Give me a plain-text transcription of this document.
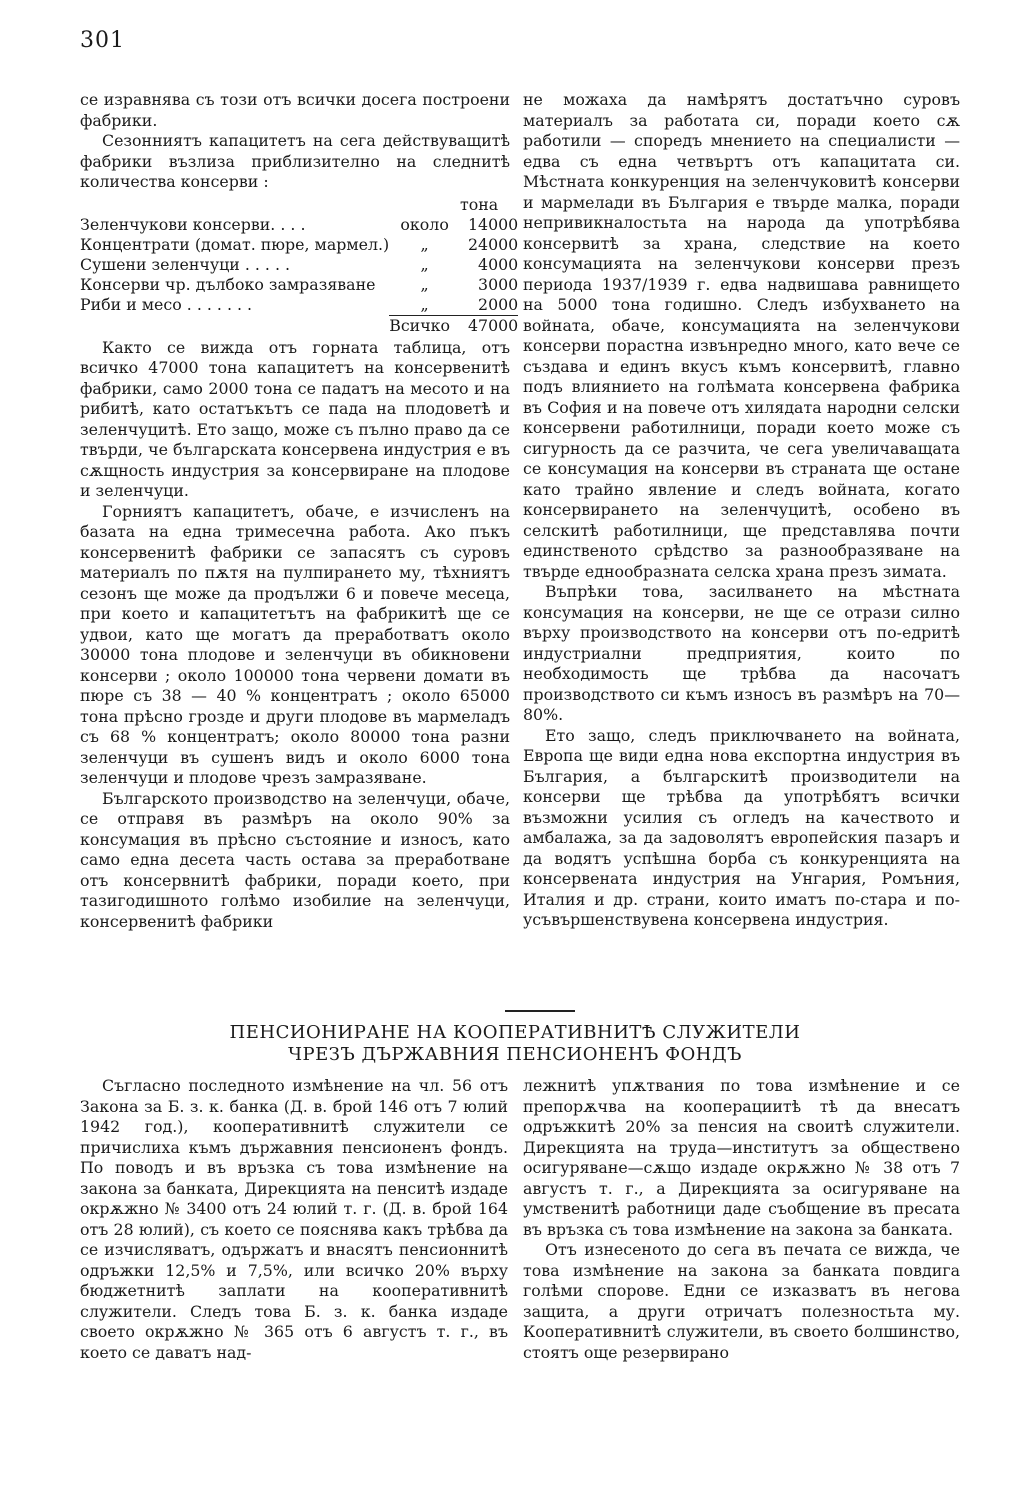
301

се изравнява съ този отъ всички досега построени фабрики.

Сезонниятъ капацитетъ на сега действуващитѣ фабрики възлиза приблизително на следнитѣ количества консерви :

		тона
Зеленчукови консерви. . . .	около	14000
Концентрати (домат. пюре, мармел.)	„	24000
Сушени зеленчуци . . . . .	„	4000
Консерви чр. дълбоко замразяване	„	3000
Риби и месо . . . . . . .	„	2000
	Всичко	47000

Както се вижда отъ горната таблица, отъ всичко 47000 тона капацитетъ на консервенитѣ фабрики, само 2000 тона се падатъ на месото и на рибитѣ, като остатъкътъ се пада на плодоветѣ и зеленчуцитѣ. Ето защо, може съ пълно право да се твърди, че българската консервена индустрия е въ сѫщность индустрия за консервиране на плодове и зеленчуци.

Горниятъ капацитетъ, обаче, е изчисленъ на базата на една тримесечна работа. Ако пъкъ консервенитѣ фабрики се запасятъ съ суровъ материалъ по пѫтя на пулпирането му, тѣхниятъ сезонъ ще може да продължи 6 и повече месеца, при което и капацитетътъ на фабрикитѣ ще се удвои, като ще могатъ да преработватъ около 30000 тона плодове и зеленчуци въ обикновени консерви ; около 100000 тона червени домати въ пюре съ 38 — 40 % концентратъ ; около 65000 тона прѣсно грозде и други плодове въ мармеладъ съ 68 % концентратъ; около 80000 тона разни зеленчуци въ сушенъ видъ и около 6000 тона зеленчуци и плодове чрезъ замразяване.

Българското производство на зеленчуци, обаче, се отправя въ размѣръ на около 90% за консумация въ прѣсно състояние и износъ, като само една десета часть остава за преработване отъ консервнитѣ фабрики, поради което, при тазигодишното голѣмо изобилие на зеленчуци, консервенитѣ фабрики

не можаха да намѣрятъ достатъчно суровъ материалъ за работата си, поради което сѫ работили — споредъ мнението на специалисти — едва съ една четвъртъ отъ капацитата си. Мѣстната конкуренция на зеленчуковитѣ консерви и мармелади въ България е твърде малка, поради непривикналостьта на народа да употрѣбява консервитѣ за храна, следствие на което консумацията на зеленчукови консерви презъ периода 1937/1939 г. едва надвишава равнището на 5000 тона годишно. Следъ избухването на войната, обаче, консумацията на зеленчукови консерви порастна извънредно много, като вече се създава и единъ вкусъ къмъ консервитѣ, главно подъ влиянието на голѣмата консервена фабрика въ София и на повече отъ хилядата народни селски консервени работилници, поради което може съ сигурность да се разчита, че сега увеличаващата се консумация на консерви въ страната ще остане като трайно явление и следъ войната, когато консервирането на зеленчуцитѣ, особено въ селскитѣ работилници, ще представлява почти единственото срѣдство за разнообразяване на твърде еднообразната селска храна презъ зимата.

Въпрѣки това, засилването на мѣстната консумация на консерви, не ще се отрази силно върху производството на консерви отъ по-едритѣ индустриални предприятия, които по необходимость ще трѣбва да насочатъ производството си къмъ износъ въ размѣръ на 70—80%.

Ето защо, следъ приключването на войната, Европа ще види една нова експортна индустрия въ България, а българскитѣ производители на консерви ще трѣбва да употрѣбятъ всички възможни усилия съ огледъ на качеството и амбалажа, за да задоволятъ европейския пазаръ и да водятъ успѣшна борба съ конкуренцията на консервената индустрия на Унгария, Ромъния, Италия и др. страни, които иматъ по-стара и по-усъвършенствувена консервена индустрия.

ПЕНСИОНИРАНЕ НА КООПЕРАТИВНИТѢ СЛУЖИТЕЛИ
ЧРЕЗЪ ДЪРЖАВНИЯ ПЕНСИОНЕНЪ ФОНДЪ

Съгласно последното измѣнение на чл. 56 отъ Закона за Б. з. к. банка (Д. в. брой 146 отъ 7 юлий 1942 год.), кооперативнитѣ служители се причислиха къмъ държавния пенсионенъ фондъ. По поводъ и въ връзка съ това измѣнение на закона за банката, Дирекцията на пенситѣ издаде окрѫжно № 3400 отъ 24 юлий т. г. (Д. в. брой 164 отъ 28 юлий), съ което се пояснява какъ трѣбва да се изчисляватъ, одържатъ и внасятъ пенсионнитѣ одръжки 12,5% и 7,5%, или всичко 20% върху бюджетнитѣ заплати на кооперативнитѣ служители. Следъ това Б. з. к. банка издаде своето окрѫжно № 365 отъ 6 августъ т. г., въ което се даватъ над-

лежнитѣ упѫтвания по това измѣнение и се препорѫчва на кооперациитѣ тѣ да внесатъ одръжкитѣ 20% за пенсия на своитѣ служители. Дирекцията на труда—институтъ за обществено осигуряване—сѫщо издаде окрѫжно № 38 отъ 7 августъ т. г., а Дирекцията за осигуряване на умственитѣ работници даде съобщение въ пресата въ връзка съ това измѣнение на закона за банката.

Отъ изнесеното до сега въ печата се вижда, че това измѣнение на закона за банката повдига голѣми спорове. Едни се изказватъ въ негова защита, а други отричатъ полезностьта му. Кооперативнитѣ служители, въ своето болшинство, стоятъ още резервирано
